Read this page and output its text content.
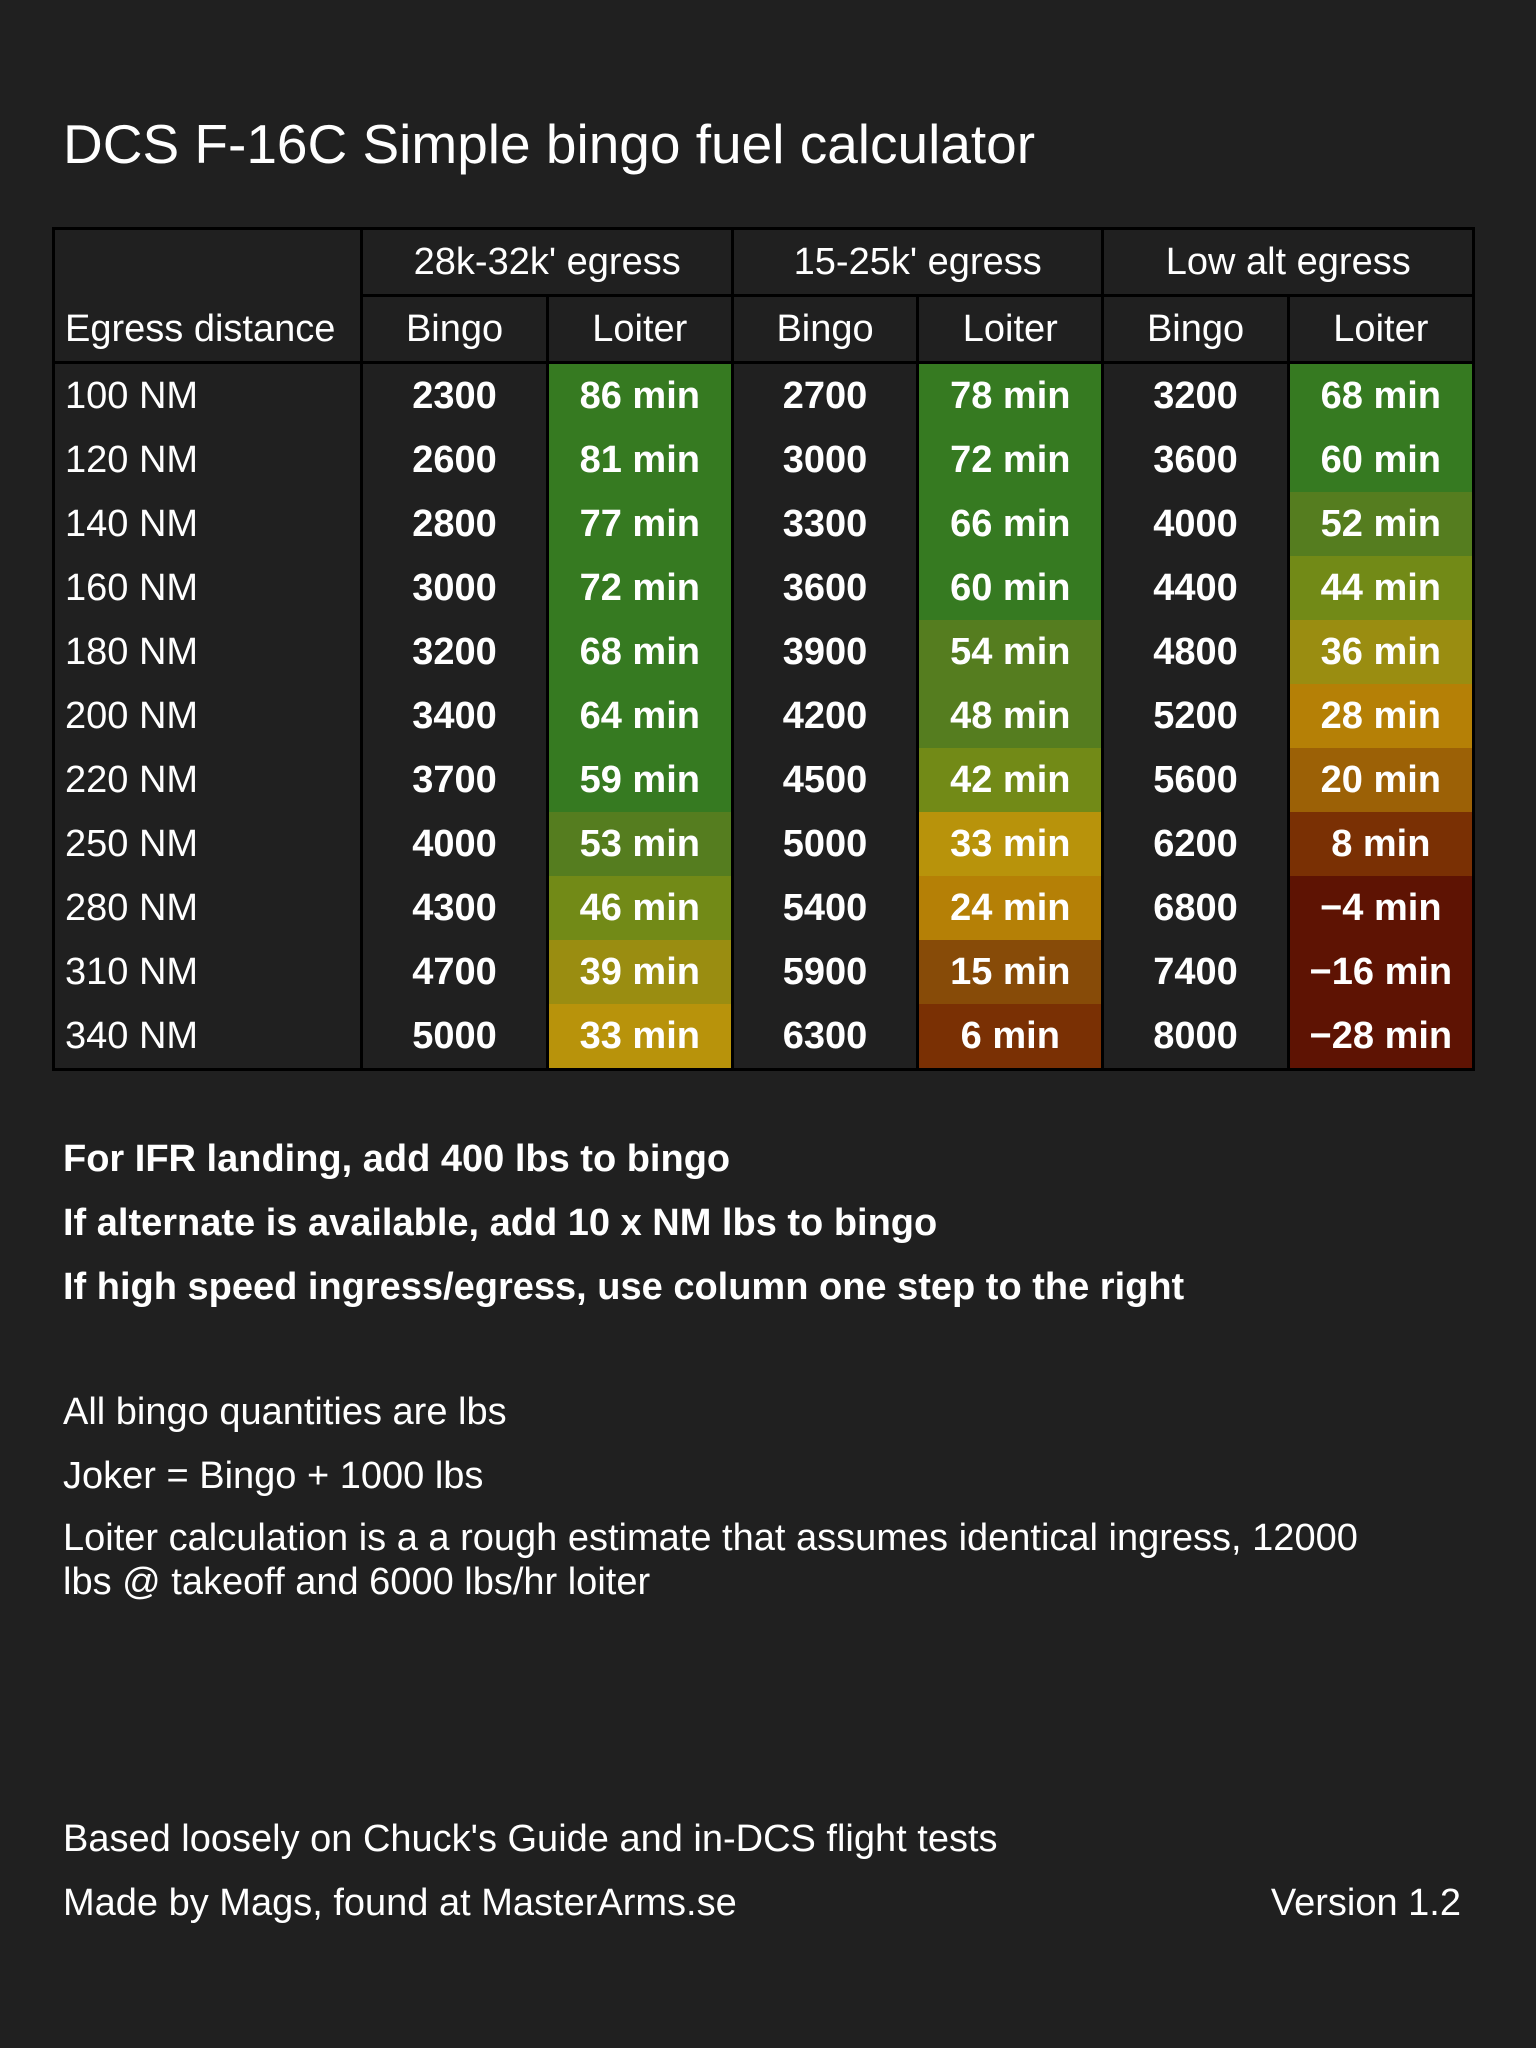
DCS F-16C Simple bingo fuel calculator
Egress distance	28k-32k' egress		15-25k' egress		Low alt egress	
	Bingo	Loiter	Bingo	Loiter	Bingo	Loiter
100 NM	2300	86 min	2700	78 min	3200	68 min
120 NM	2600	81 min	3000	72 min	3600	60 min
140 NM	2800	77 min	3300	66 min	4000	52 min
160 NM	3000	72 min	3600	60 min	4400	44 min
180 NM	3200	68 min	3900	54 min	4800	36 min
200 NM	3400	64 min	4200	48 min	5200	28 min
220 NM	3700	59 min	4500	42 min	5600	20 min
250 NM	4000	53 min	5000	33 min	6200	8 min
280 NM	4300	46 min	5400	24 min	6800	−4 min
310 NM	4700	39 min	5900	15 min	7400	−16 min
340 NM	5000	33 min	6300	6 min	8000	−28 min
For IFR landing, add 400 lbs to bingo
If alternate is available, add 10 x NM lbs to bingo
If high speed ingress/egress, use column one step to the right
All bingo quantities are lbs
Joker = Bingo + 1000 lbs
Loiter calculation is a a rough estimate that assumes identical ingress, 12000 lbs @ takeoff and 6000 lbs/hr loiter
Based loosely on Chuck's Guide and in-DCS flight tests
Made by Mags, found at MasterArms.se	Version 1.2
